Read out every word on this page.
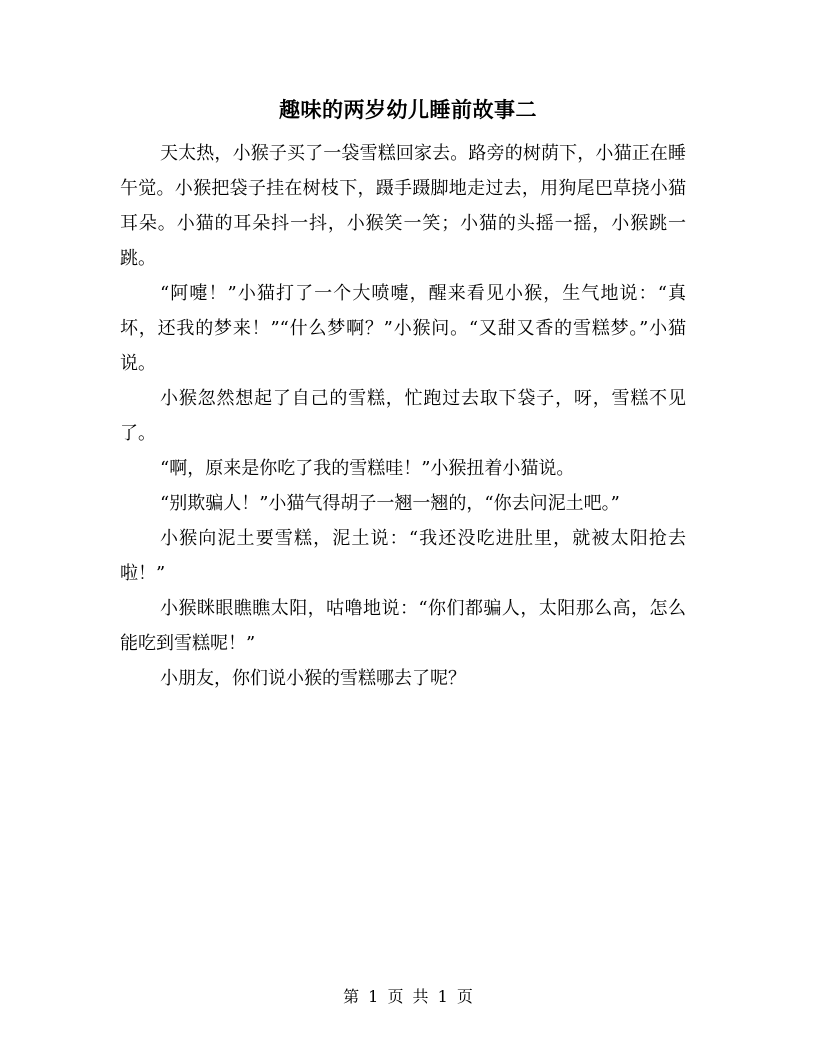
趣味的两岁幼儿睡前故事二

天太热，小猴子买了一袋雪糕回家去。路旁的树荫下，小猫正在睡午觉。小猴把袋子挂在树枝下，蹑手蹑脚地走过去，用狗尾巴草挠小猫耳朵。小猫的耳朵抖一抖，小猴笑一笑；小猫的头摇一摇，小猴跳一跳。

“阿嚏！”小猫打了一个大喷嚏，醒来看见小猴，生气地说：“真坏，还我的梦来！”“什么梦啊？”小猴问。“又甜又香的雪糕梦。”小猫说。

小猴忽然想起了自己的雪糕，忙跑过去取下袋子，呀，雪糕不见了。

“啊，原来是你吃了我的雪糕哇！”小猴扭着小猫说。

“别欺骗人！”小猫气得胡子一翘一翘的，“你去问泥土吧。”

小猴向泥土要雪糕，泥土说：“我还没吃进肚里，就被太阳抢去啦！”

小猴眯眼瞧瞧太阳，咕噜地说：“你们都骗人，太阳那么高，怎么能吃到雪糕呢！”

小朋友，你们说小猴的雪糕哪去了呢？

第 1 页 共 1 页
